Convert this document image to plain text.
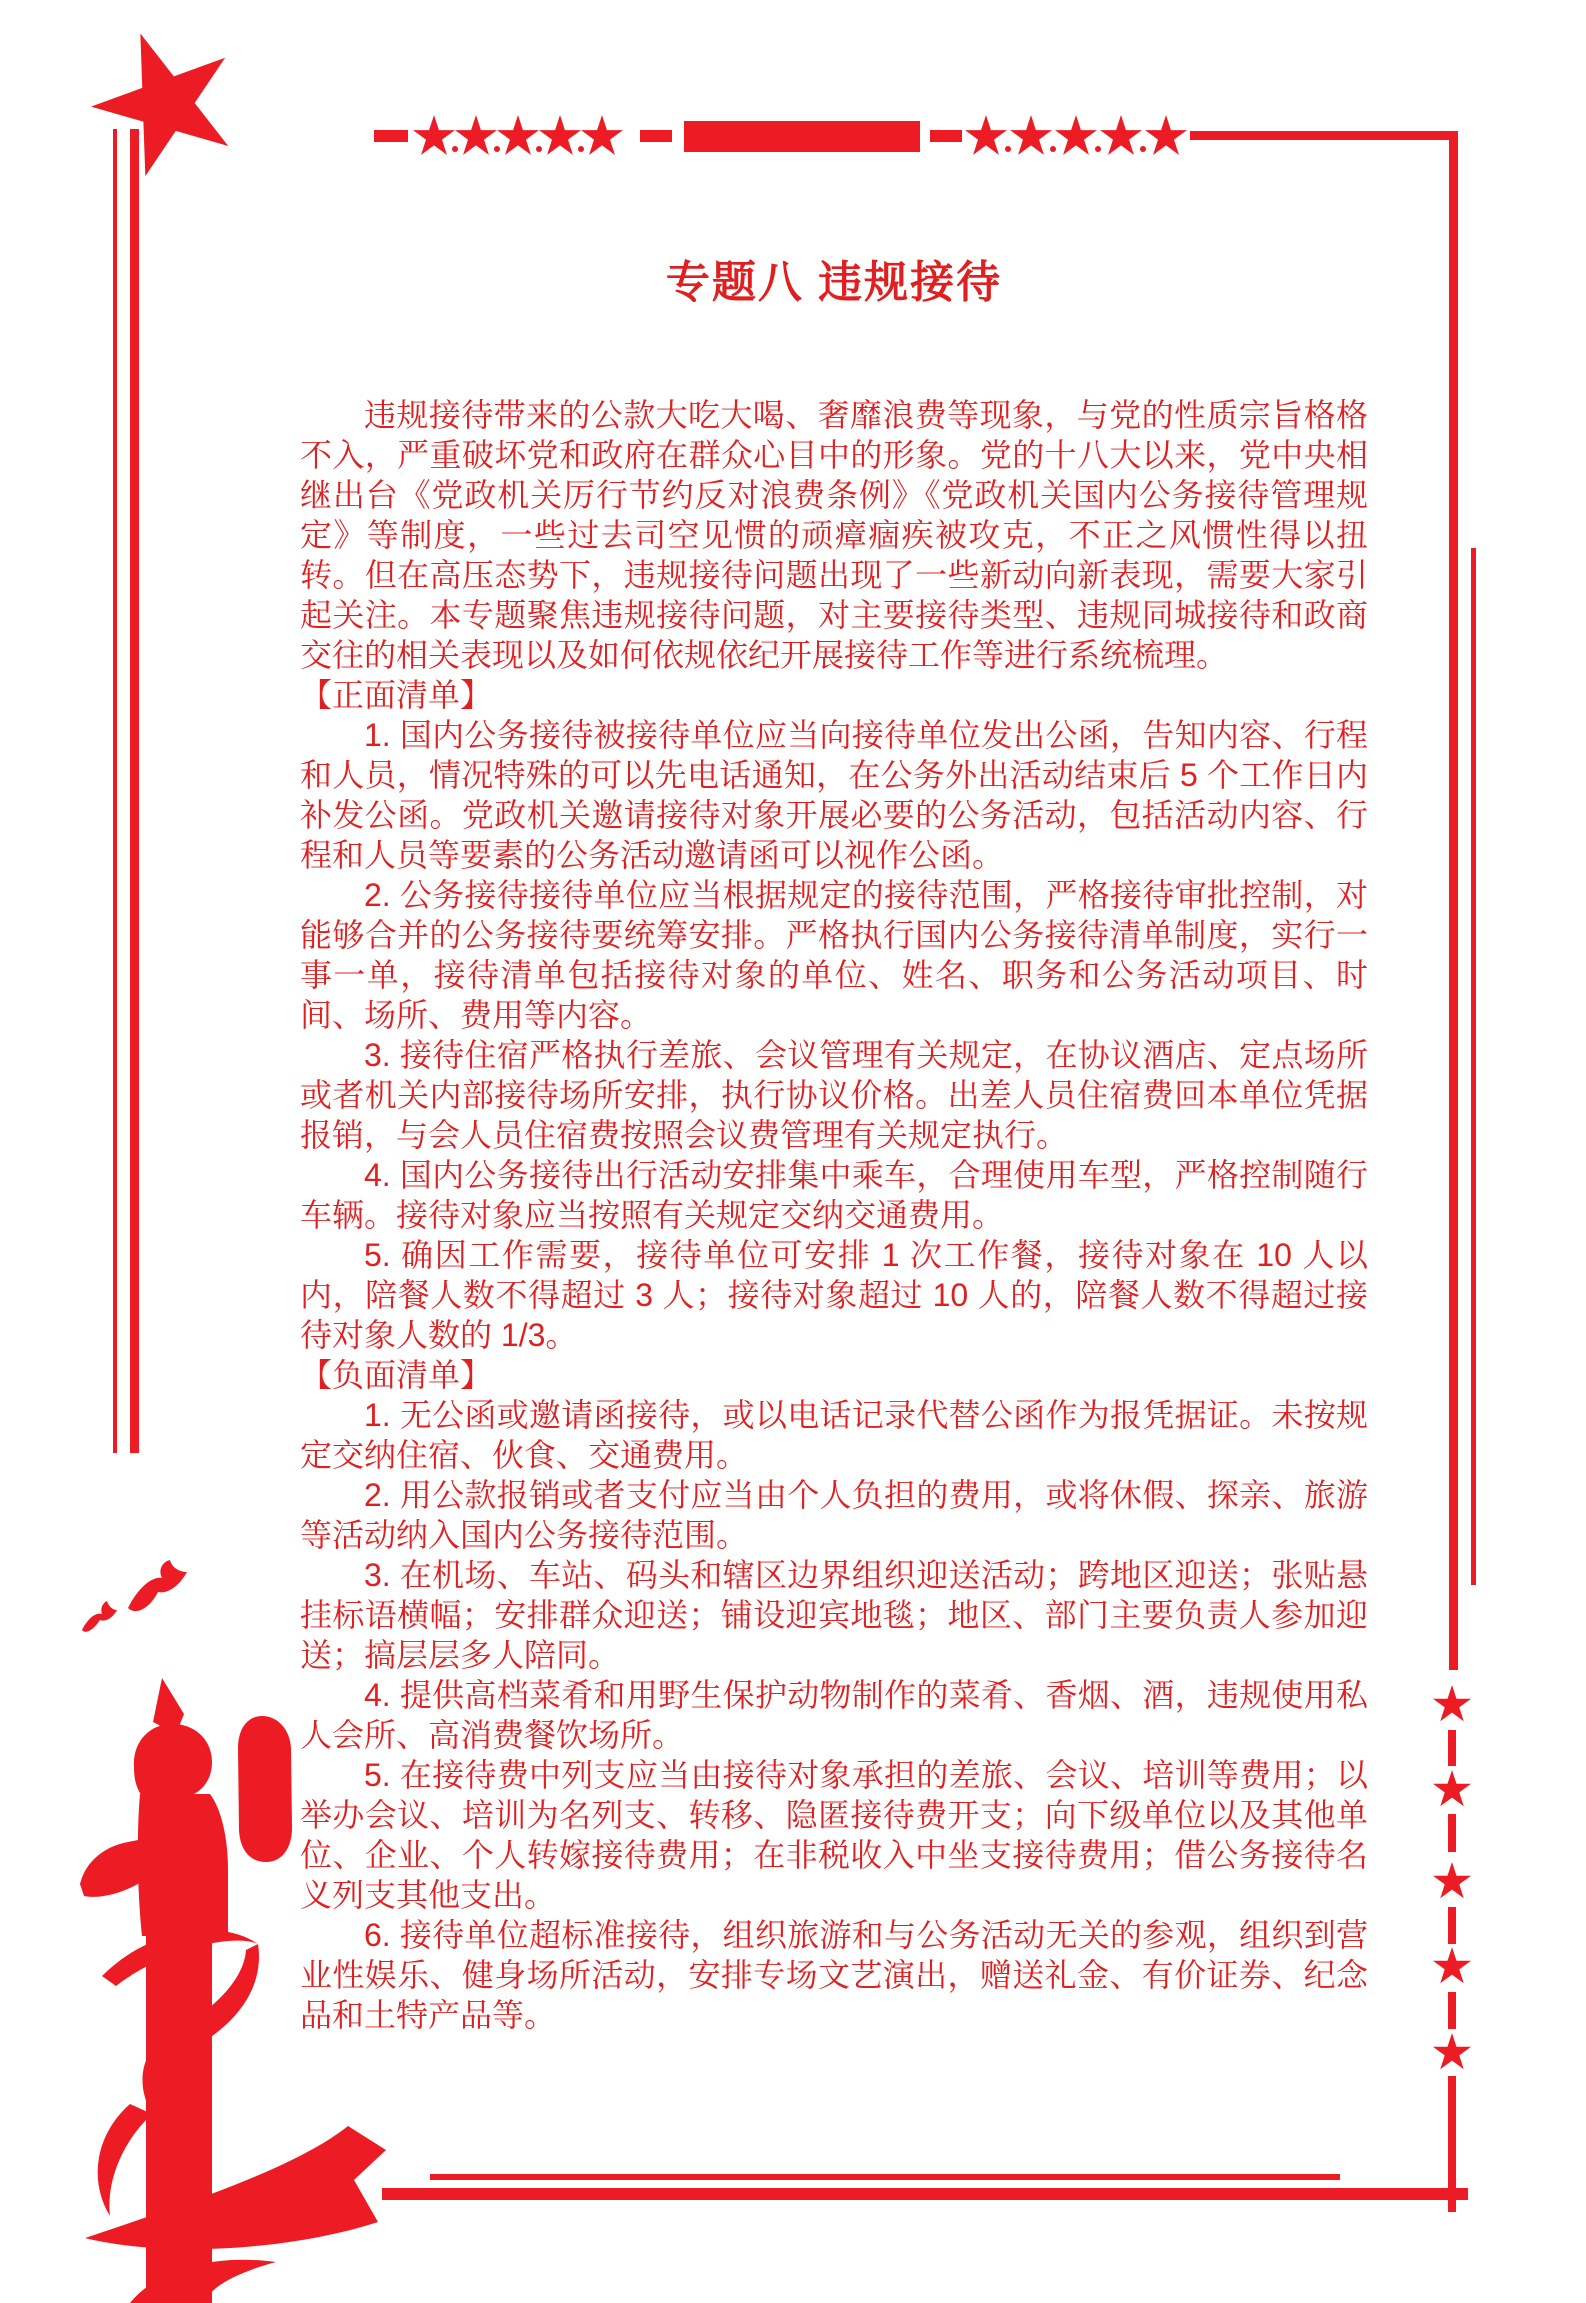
专题八 违规接待

违规接待带来的公款大吃大喝、奢靡浪费等现象，与党的性质宗旨格格不入，严重破坏党和政府在群众心目中的形象。党的十八大以来，党中央相继出台《党政机关厉行节约反对浪费条例》《党政机关国内公务接待管理规定》等制度，一些过去司空见惯的顽瘴痼疾被攻克，不正之风惯性得以扭转。但在高压态势下，违规接待问题出现了一些新动向新表现，需要大家引起关注。本专题聚焦违规接待问题，对主要接待类型、违规同城接待和政商交往的相关表现以及如何依规依纪开展接待工作等进行系统梳理。

【正面清单】

1. 国内公务接待被接待单位应当向接待单位发出公函，告知内容、行程和人员，情况特殊的可以先电话通知，在公务外出活动结束后 5 个工作日内补发公函。党政机关邀请接待对象开展必要的公务活动，包括活动内容、行程和人员等要素的公务活动邀请函可以视作公函。

2. 公务接待接待单位应当根据规定的接待范围，严格接待审批控制，对能够合并的公务接待要统筹安排。严格执行国内公务接待清单制度，实行一事一单，接待清单包括接待对象的单位、姓名、职务和公务活动项目、时间、场所、费用等内容。

3. 接待住宿严格执行差旅、会议管理有关规定，在协议酒店、定点场所或者机关内部接待场所安排，执行协议价格。出差人员住宿费回本单位凭据报销，与会人员住宿费按照会议费管理有关规定执行。

4. 国内公务接待出行活动安排集中乘车，合理使用车型，严格控制随行车辆。接待对象应当按照有关规定交纳交通费用。

5. 确因工作需要，接待单位可安排 1 次工作餐，接待对象在 10 人以内，陪餐人数不得超过 3 人；接待对象超过 10 人的，陪餐人数不得超过接待对象人数的 1/3。

【负面清单】

1. 无公函或邀请函接待，或以电话记录代替公函作为报凭据证。未按规定交纳住宿、伙食、交通费用。

2. 用公款报销或者支付应当由个人负担的费用，或将休假、探亲、旅游等活动纳入国内公务接待范围。

3. 在机场、车站、码头和辖区边界组织迎送活动；跨地区迎送；张贴悬挂标语横幅；安排群众迎送；铺设迎宾地毯；地区、部门主要负责人参加迎送；搞层层多人陪同。

4. 提供高档菜肴和用野生保护动物制作的菜肴、香烟、酒，违规使用私人会所、高消费餐饮场所。

5. 在接待费中列支应当由接待对象承担的差旅、会议、培训等费用；以举办会议、培训为名列支、转移、隐匿接待费开支；向下级单位以及其他单位、企业、个人转嫁接待费用；在非税收入中坐支接待费用；借公务接待名义列支其他支出。

6. 接待单位超标准接待，组织旅游和与公务活动无关的参观，组织到营业性娱乐、健身场所活动，安排专场文艺演出，赠送礼金、有价证券、纪念品和土特产品等。
